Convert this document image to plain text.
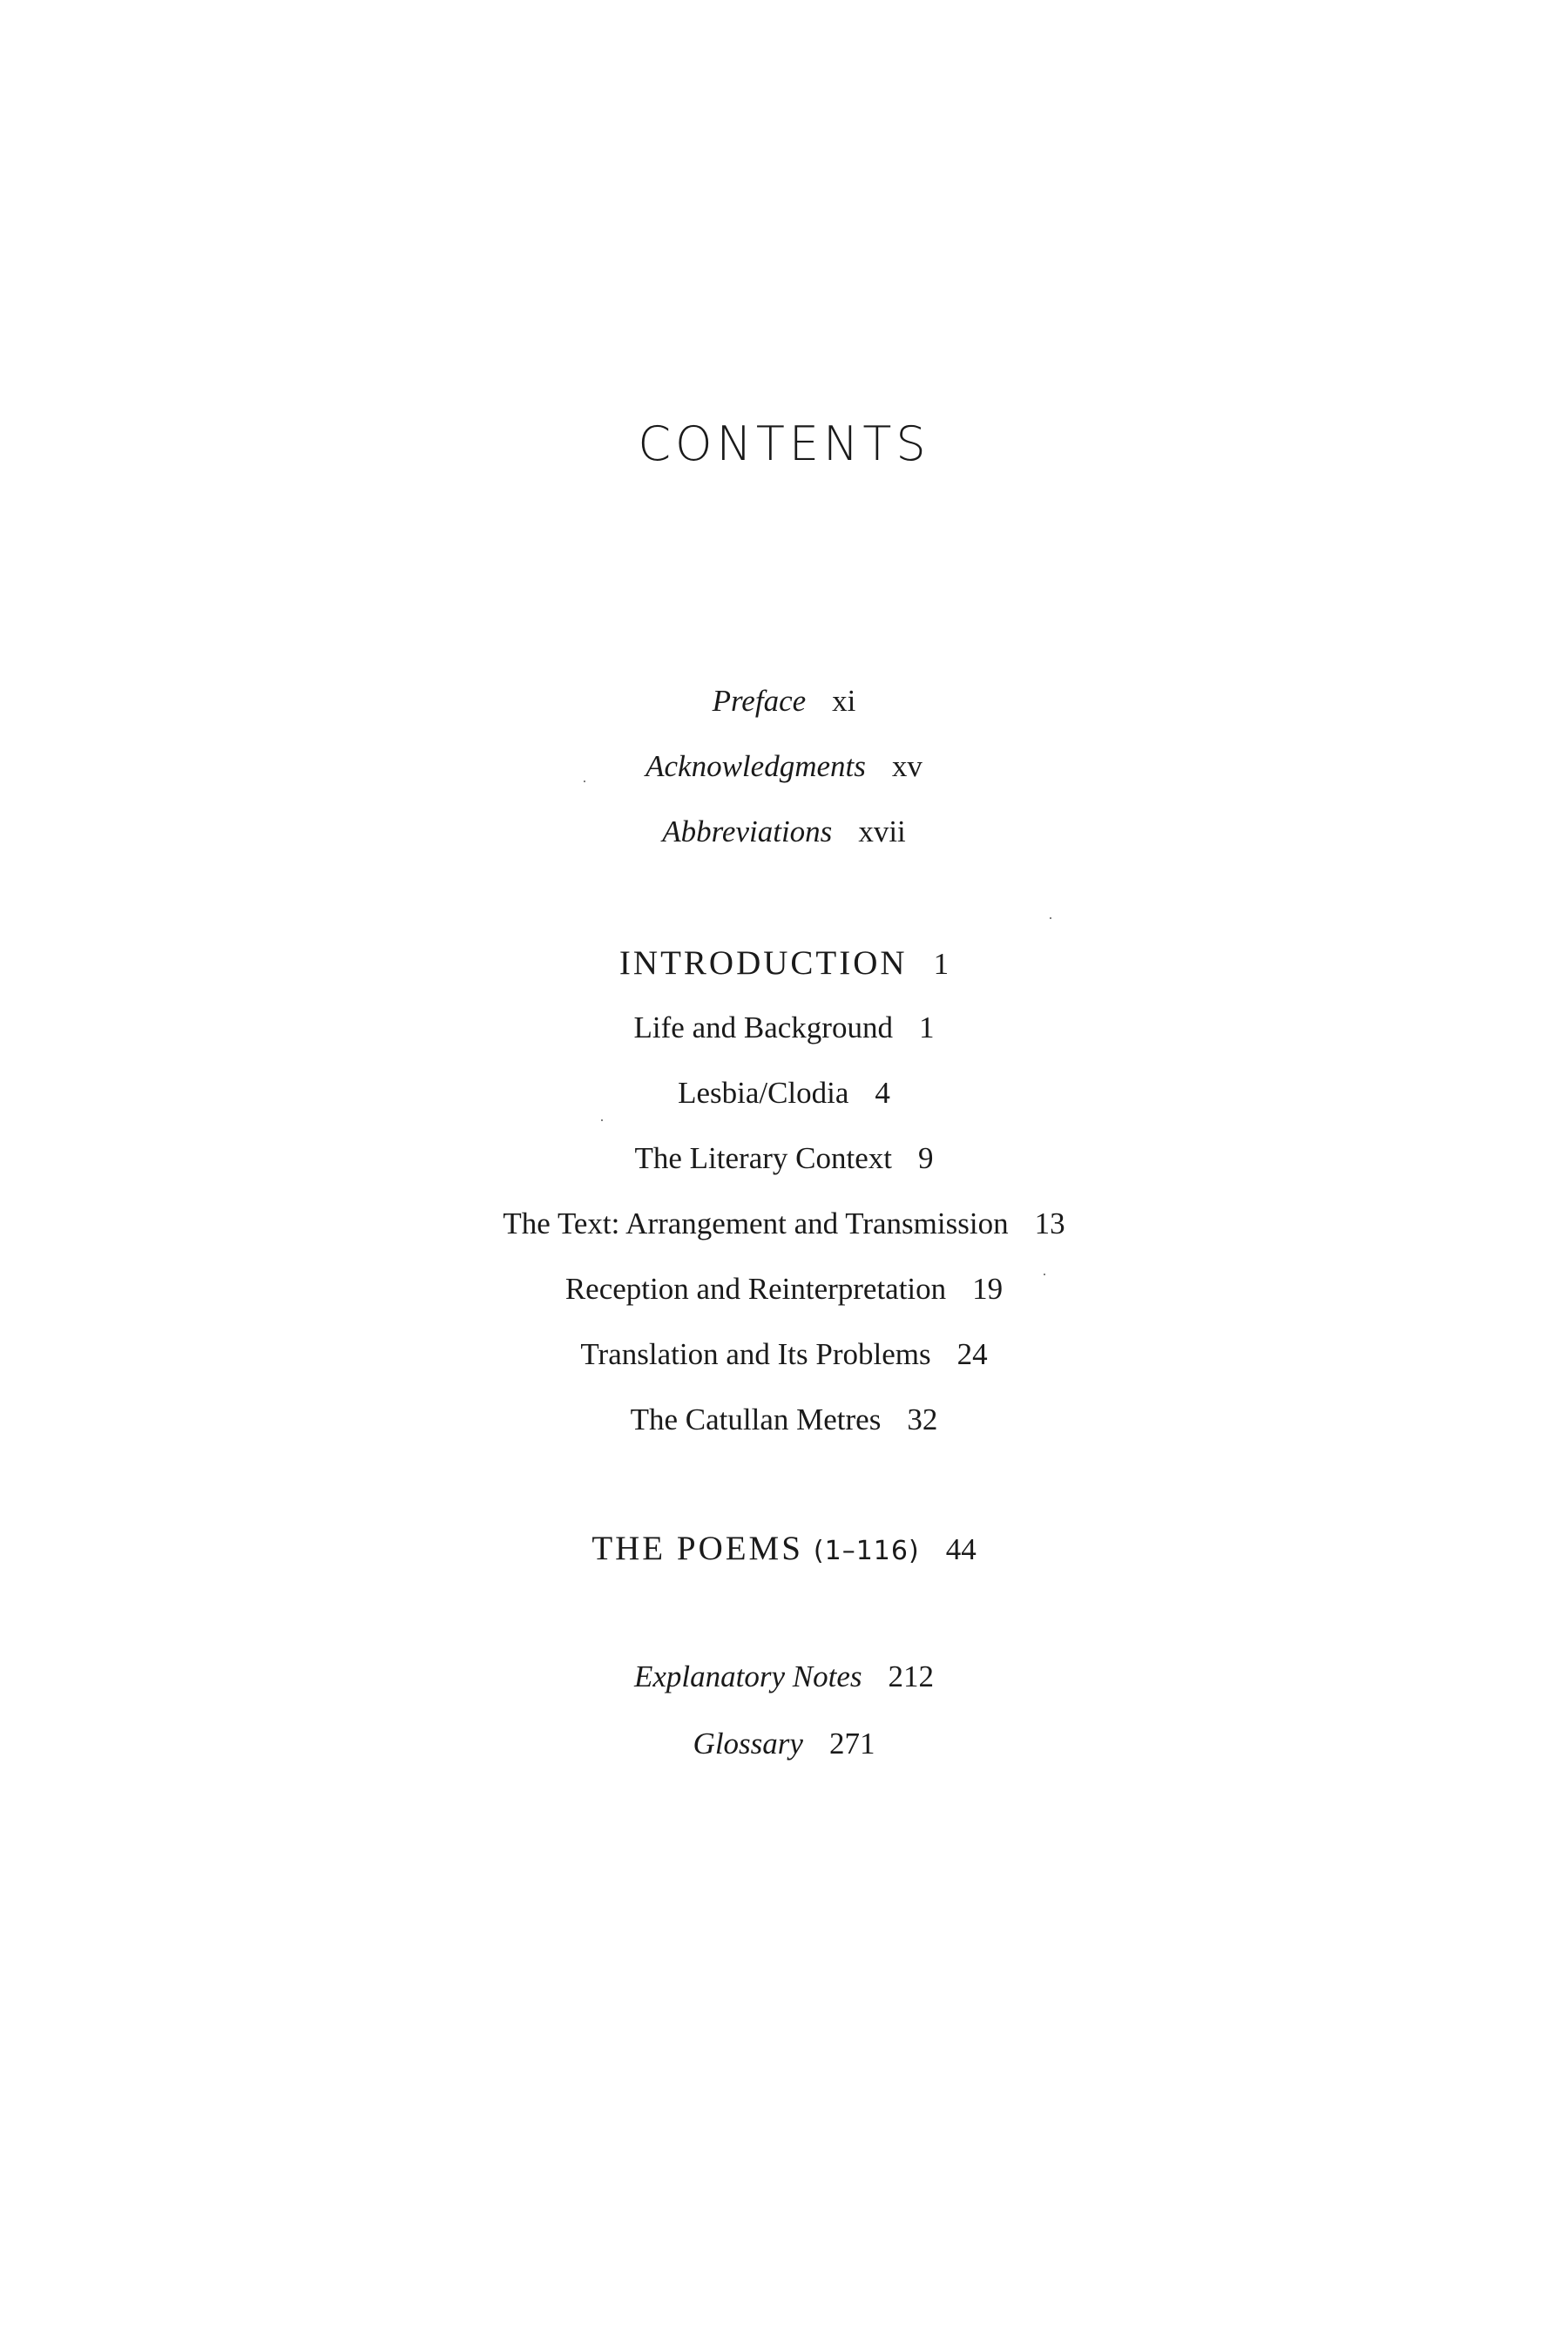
CONTENTS
Preface xi
Acknowledgments xv
Abbreviations xvii
INTRODUCTION 1
Life and Background 1
Lesbia/Clodia 4
The Literary Context 9
The Text: Arrangement and Transmission 13
Reception and Reinterpretation 19
Translation and Its Problems 24
The Catullan Metres 32
THE POEMS (1–116) 44
Explanatory Notes 212
Glossary 271
